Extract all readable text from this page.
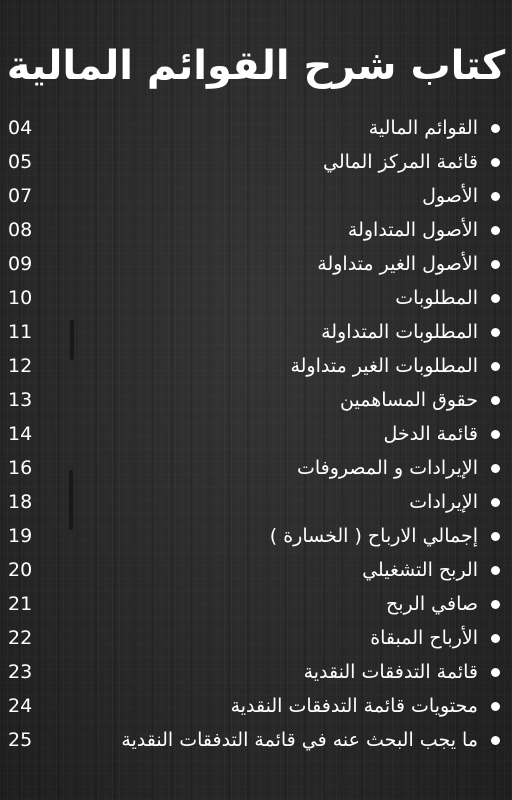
كتاب شرح القوائم المالية
القوائم المالية
04
قائمة المركز المالي
05
الأصول
07
الأصول المتداولة
08
الأصول الغير متداولة
09
المطلوبات
10
المطلوبات المتداولة
11
المطلوبات الغير متداولة
12
حقوق المساهمين
13
قائمة الدخل
14
الإيرادات و المصروفات
16
الإيرادات
18
إجمالي الارباح ( الخسارة )
19
الربح التشغيلي
20
صافي الربح
21
الأرباح المبقاة
22
قائمة التدفقات النقدية
23
محتويات قائمة التدفقات النقدية
24
ما يجب البحث عنه في قائمة التدفقات النقدية
25
